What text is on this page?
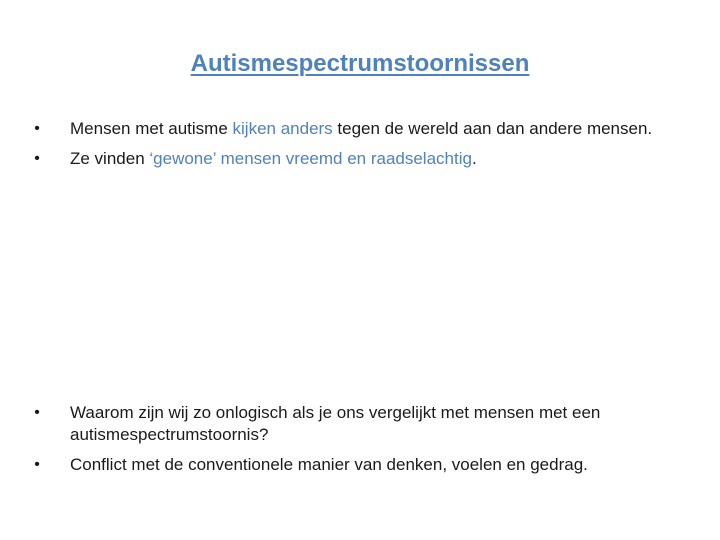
Autismespectrumstoornissen
• Mensen met autisme kijken anders tegen de wereld aan dan andere mensen.
• Ze vinden ‘gewone’ mensen vreemd en raadselachtig.
• Waarom zijn wij zo onlogisch als je ons vergelijkt met mensen met een autismespectrumstoornis?
• Conflict met de conventionele manier van denken, voelen en gedrag.
